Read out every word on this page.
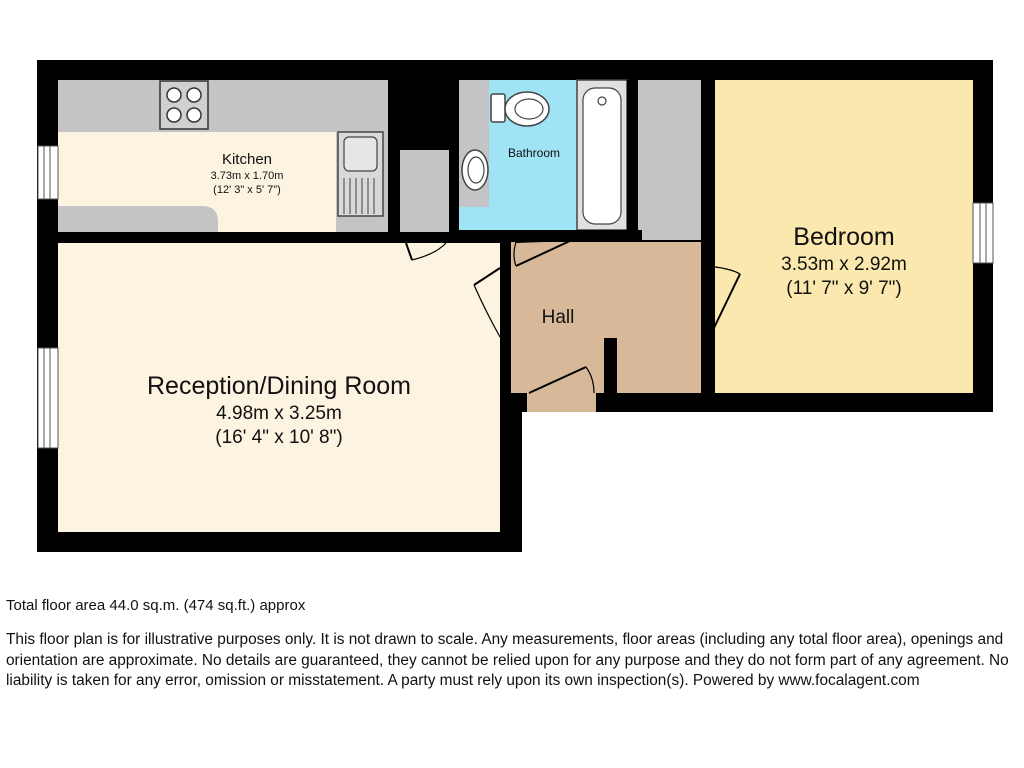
Kitchen
3.73m x 1.70m
(12' 3" x 5' 7")
Bathroom
Hall
Bedroom
3.53m x 2.92m
(11' 7" x 9' 7")
Reception/Dining Room
4.98m x 3.25m
(16' 4" x 10' 8")
Total floor area 44.0 sq.m. (474 sq.ft.) approx
This floor plan is for illustrative purposes only. It is not drawn to scale. Any measurements, floor areas (including any total floor area), openings and orientation are approximate. No details are guaranteed, they cannot be relied upon for any purpose and they do not form part of any agreement. No liability is taken for any error, omission or misstatement. A party must rely upon its own inspection(s). Powered by www.focalagent.com
